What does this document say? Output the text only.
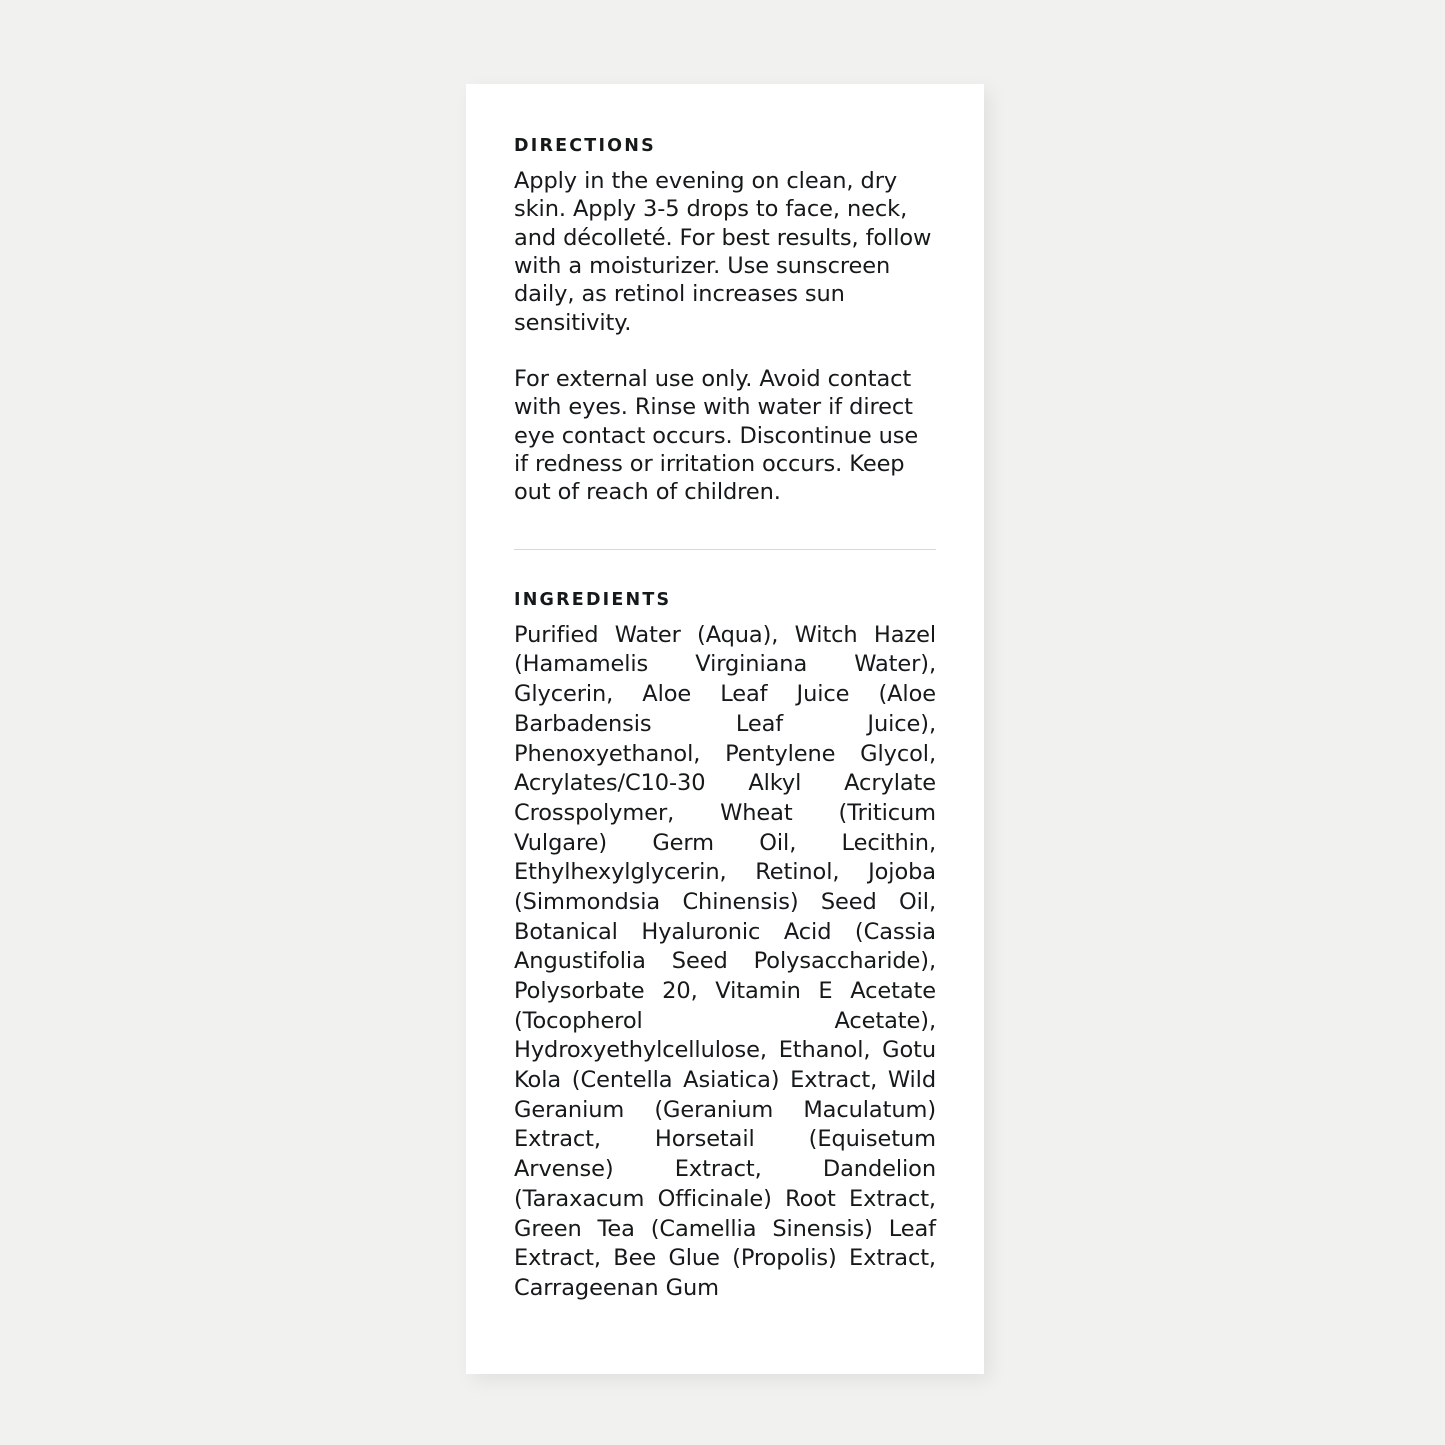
DIRECTIONS

Apply in the evening on clean, dry skin. Apply 3-5 drops to face, neck, and décolleté. For best results, follow with a moisturizer. Use sunscreen daily, as retinol increases sun sensitivity.

For external use only. Avoid contact with eyes. Rinse with water if direct eye contact occurs. Discontinue use if redness or irritation occurs. Keep out of reach of children.

INGREDIENTS

Purified Water (Aqua), Witch Hazel (Hamamelis Virginiana Water), Glycerin, Aloe Leaf Juice (Aloe Barbadensis Leaf Juice), Phenoxyethanol, Pentylene Glycol, Acrylates/C10-30 Alkyl Acrylate Crosspolymer, Wheat (Triticum Vulgare) Germ Oil, Lecithin, Ethylhexylglycerin, Retinol, Jojoba (Simmondsia Chinensis) Seed Oil, Botanical Hyaluronic Acid (Cassia Angustifolia Seed Polysaccharide), Polysorbate 20, Vitamin E Acetate (Tocopherol Acetate), Hydroxyethylcellulose, Ethanol, Gotu Kola (Centella Asiatica) Extract, Wild Geranium (Geranium Maculatum) Extract, Horsetail (Equisetum Arvense) Extract, Dandelion (Taraxacum Officinale) Root Extract, Green Tea (Camellia Sinensis) Leaf Extract, Bee Glue (Propolis) Extract, Carrageenan Gum
